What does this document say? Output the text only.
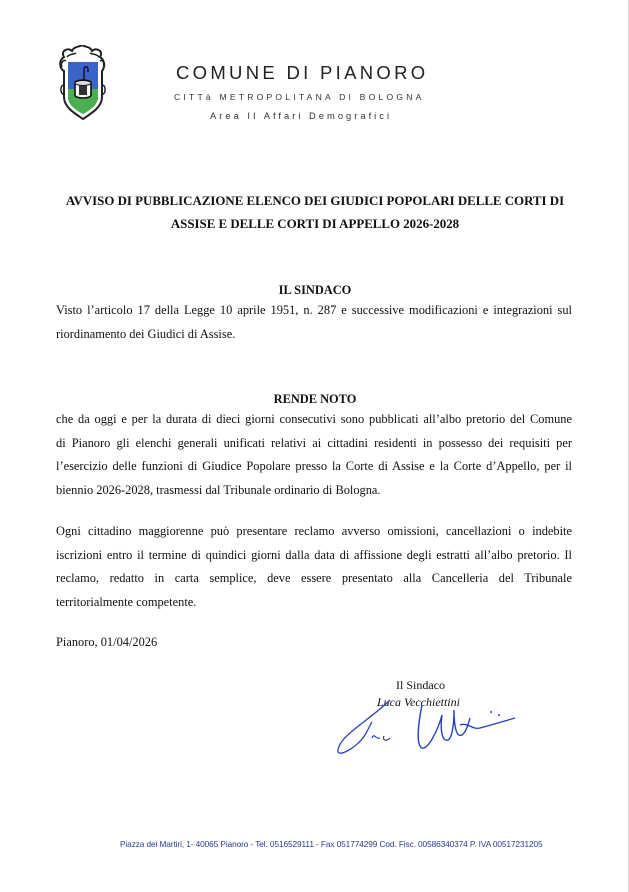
COMUNE DI PIANORO
CITTà METROPOLITANA DI BOLOGNA
Area II Affari Demografici
AVVISO DI PUBBLICAZIONE ELENCO DEI GIUDICI POPOLARI DELLE CORTI DI
ASSISE E DELLE CORTI DI APPELLO 2026-2028
IL SINDACO
Visto l’articolo 17 della Legge 10 aprile 1951, n. 287 e successive modificazioni e integrazioni sul
riordinamento dei Giudici di Assise.
RENDE NOTO
che da oggi e per la durata di dieci giorni consecutivi sono pubblicati all’albo pretorio del Comune
di Pianoro gli elenchi generali unificati relativi ai cittadini residenti in possesso dei requisiti per
l’esercizio delle funzioni di Giudice Popolare presso la Corte di Assise e la Corte d’Appello, per il
biennio 2026-2028, trasmessi dal Tribunale ordinario di Bologna.
Ogni cittadino maggiorenne può presentare reclamo avverso omissioni, cancellazioni o indebite
iscrizioni entro il termine di quindici giorni dalla data di affissione degli estratti all’albo pretorio. Il
reclamo, redatto in carta semplice, deve essere presentato alla Cancelleria del Tribunale
territorialmente competente.
Pianoro, 01/04/2026
Il Sindaco
Luca Vecchiettini
Piazza dei Martiri, 1- 40065 Pianoro - Tel. 0516529111 - Fax 051774299 Cod. Fisc. 00586340374 P. IVA 00517231205
